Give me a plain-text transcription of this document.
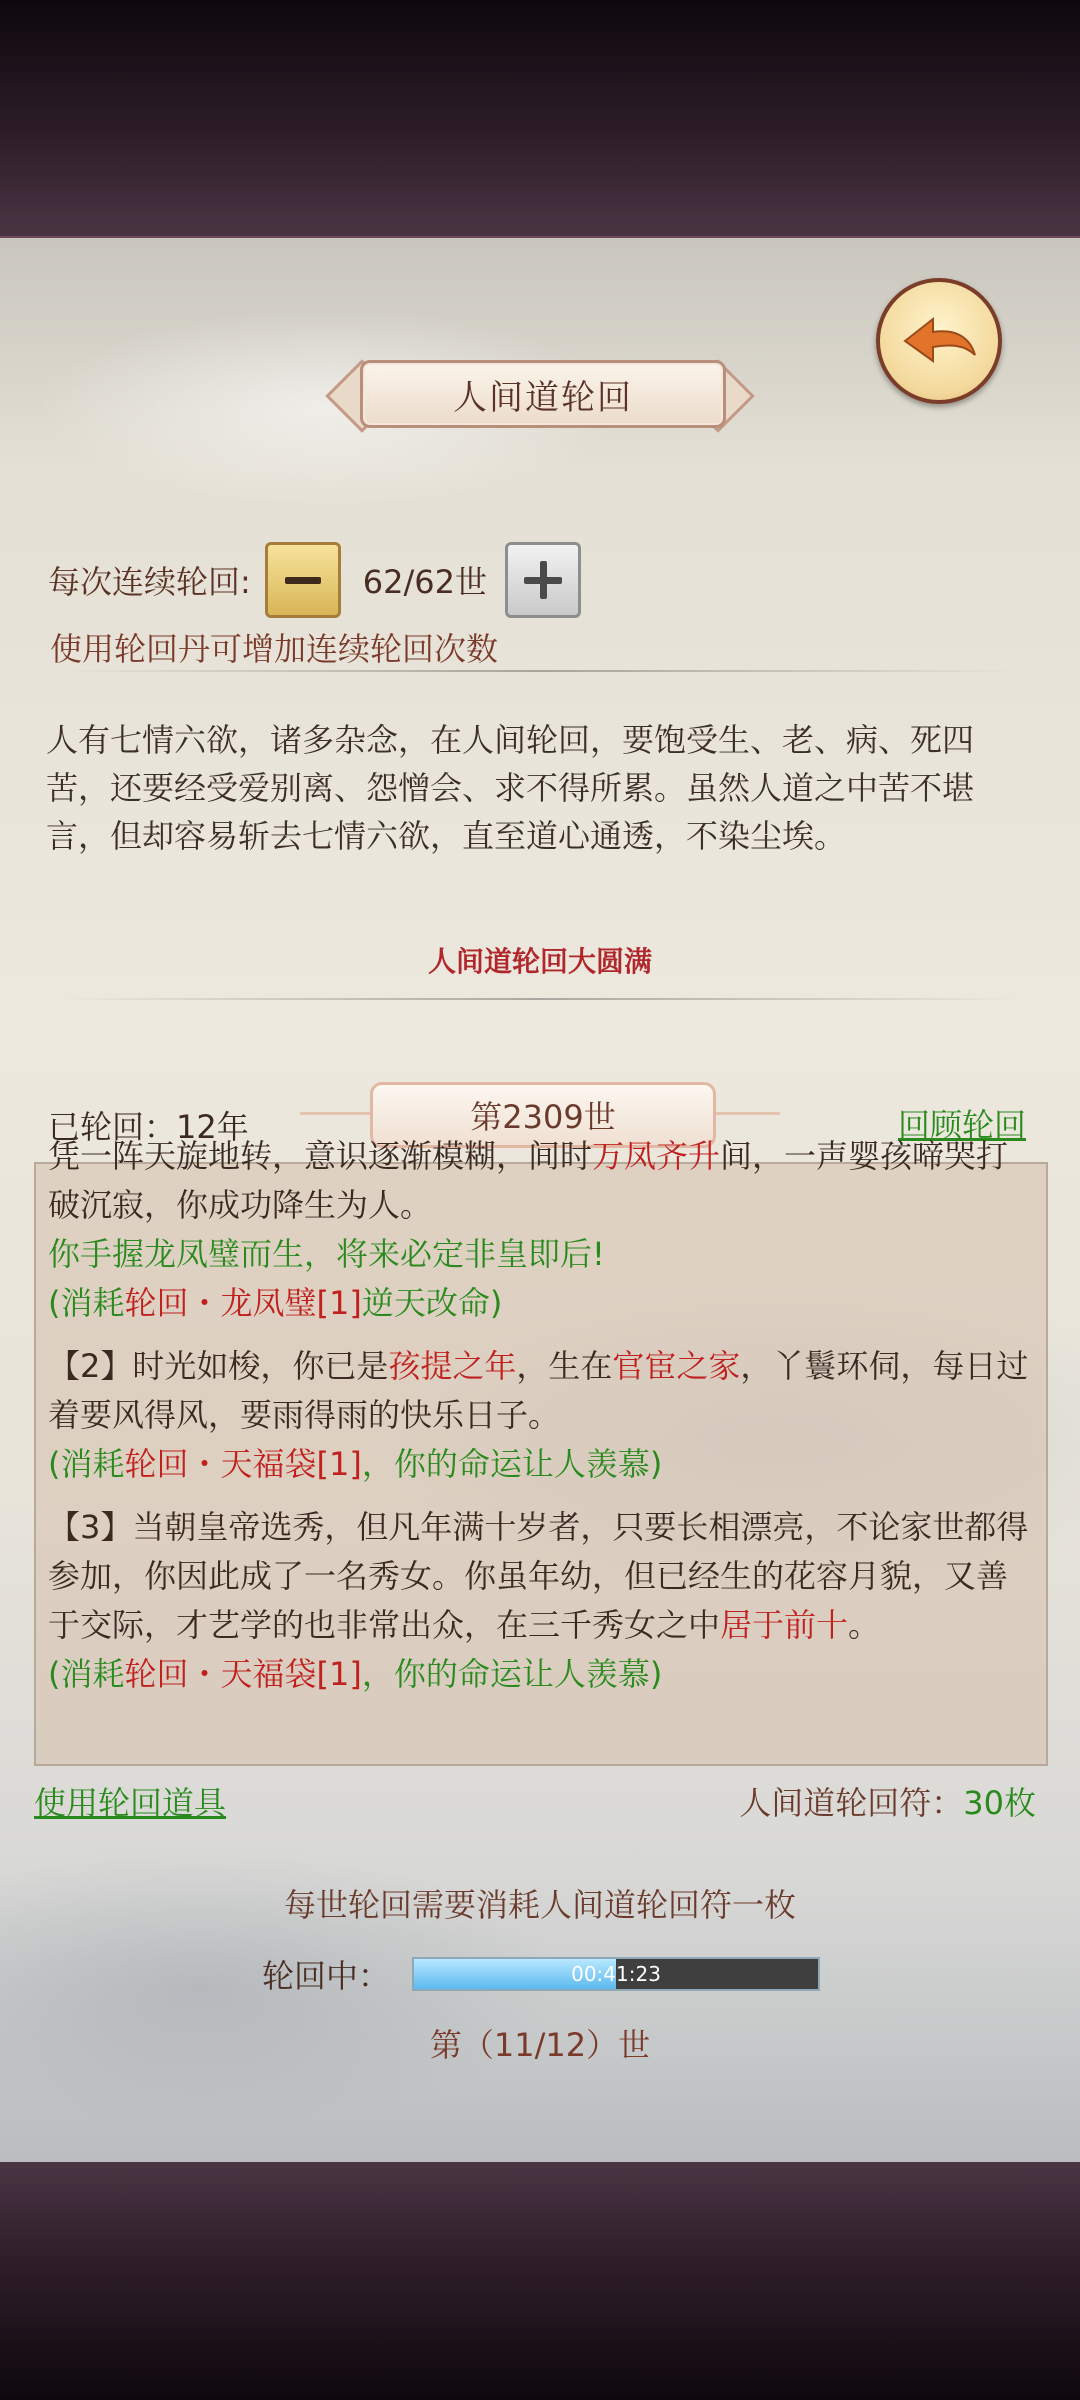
人间道轮回
每次连续轮回:	62/62世
使用轮回丹可增加连续轮回次数
人有七情六欲，诸多杂念，在人间轮回，要饱受生、老、病、死四苦，还要经受爱别离、怨憎会、求不得所累。虽然人道之中苦不堪言，但却容易斩去七情六欲，直至道心通透，不染尘埃。
人间道轮回大圆满
已轮回：12年	第2309世	回顾轮回

凭一阵天旋地转，意识逐渐模糊，间时万凤齐升间，一声婴孩啼哭打破沉寂，你成功降生为人。

你手握龙凤璧而生，将来必定非皇即后!

(消耗轮回・龙凤璧[1]逆天改命)

【2】时光如梭，你已是孩提之年，生在官宦之家，丫鬟环伺，每日过着要风得风，要雨得雨的快乐日子。

(消耗轮回・天福袋[1]，你的命运让人羡慕)

【3】当朝皇帝选秀，但凡年满十岁者，只要长相漂亮，不论家世都得参加，你因此成了一名秀女。你虽年幼，但已经生的花容月貌，又善于交际，才艺学的也非常出众，在三千秀女之中居于前十。

(消耗轮回・天福袋[1]，你的命运让人羡慕)

使用轮回道具	人间道轮回符：30枚
每世轮回需要消耗人间道轮回符一枚
轮回中：	00:41:23
第（11/12）世
